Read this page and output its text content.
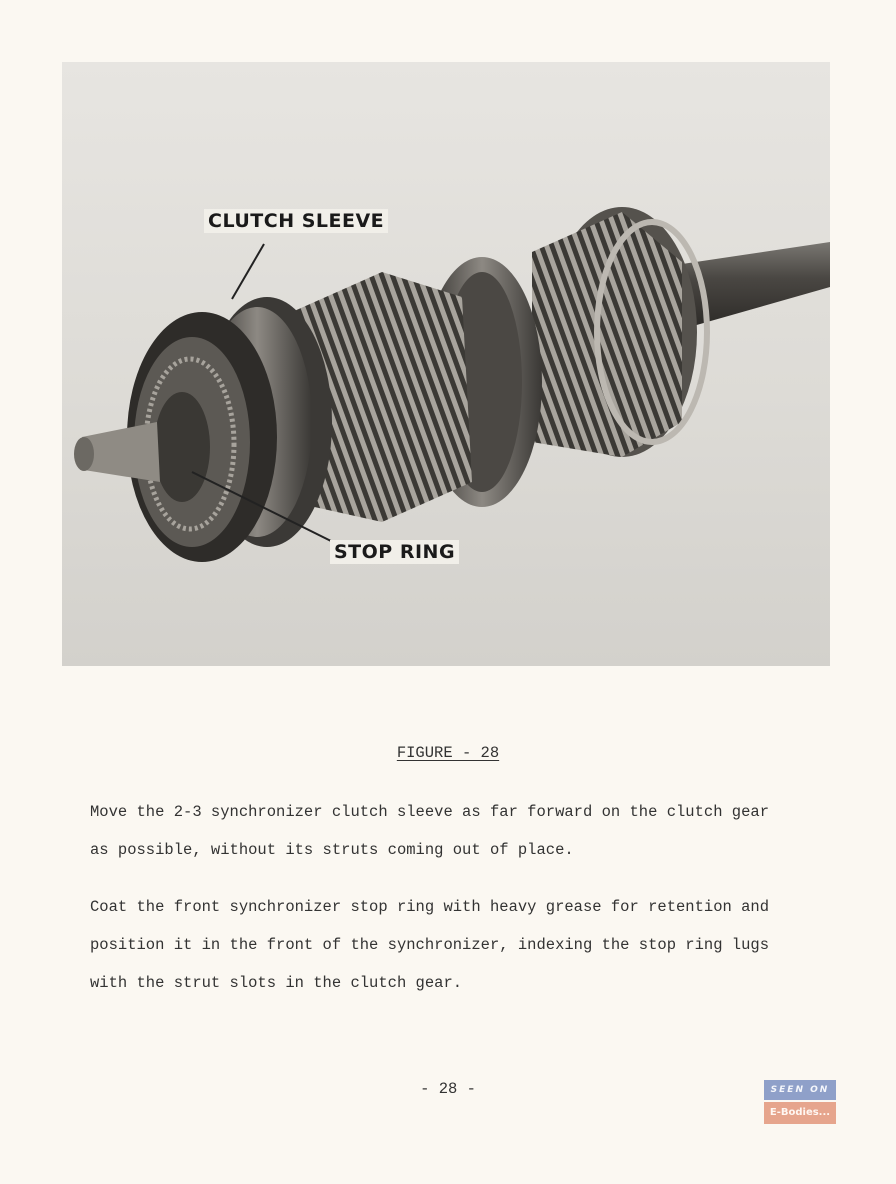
CLUTCH SLEEVE
STOP RING
FIGURE - 28

Move the 2-3 synchronizer clutch sleeve as far forward on the clutch gear as possible, without its struts coming out of place.

Coat the front synchronizer stop ring with heavy grease for retention and position it in the front of the synchronizer, indexing the stop ring lugs with the strut slots in the clutch gear.

- 28 -	SEEN ON
E-Bodies...
